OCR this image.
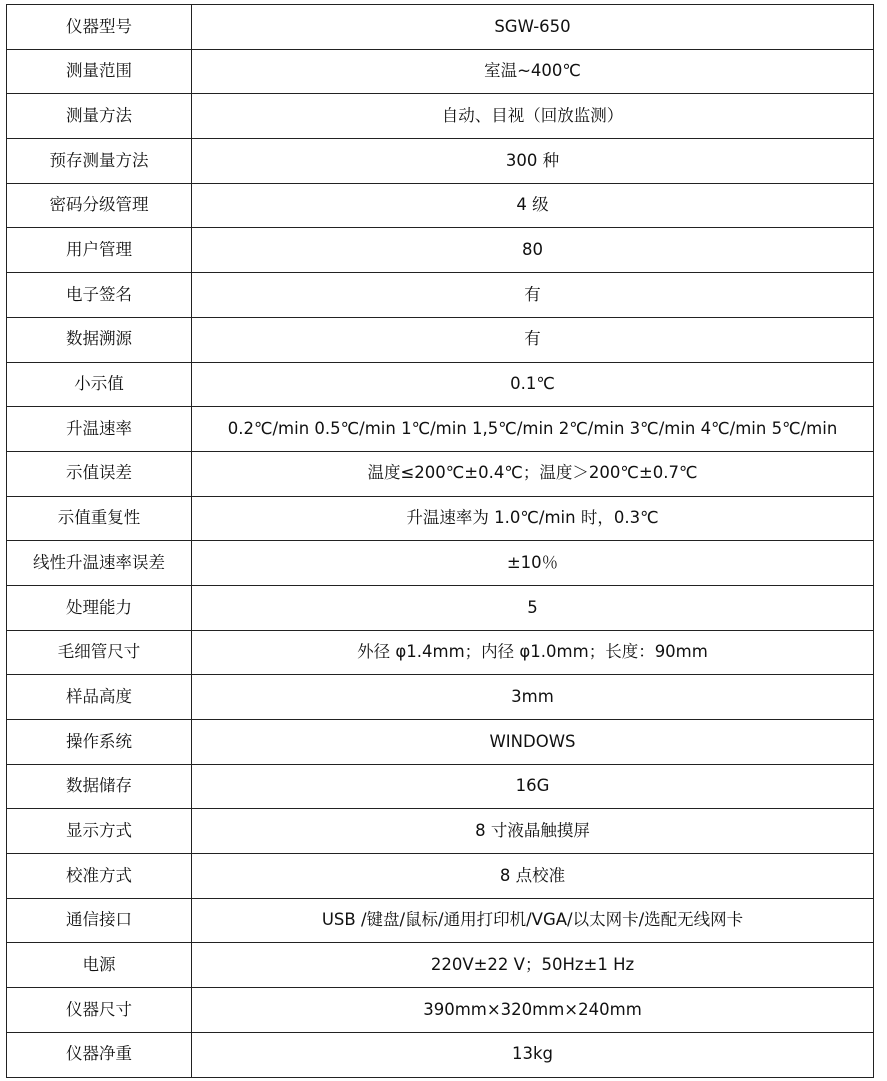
仪器型号	SGW-650
测量范围	室温~400℃
测量方法	自动、目视（回放监测）
预存测量方法	300 种
密码分级管理	4 级
用户管理	80
电子签名	有
数据溯源	有
小示值	0.1℃
升温速率	0.2℃/min 0.5℃/min 1℃/min 1,5℃/min 2℃/min 3℃/min 4℃/min 5℃/min
示值误差	温度≤200℃±0.4℃；温度＞200℃±0.7℃
示值重复性	升温速率为 1.0℃/min 时，0.3℃
线性升温速率误差	±10％
处理能力	5
毛细管尺寸	外径 φ1.4mm；内径 φ1.0mm；长度：90mm
样品高度	3mm
操作系统	WINDOWS
数据储存	16G
显示方式	8 寸液晶触摸屏
校准方式	8 点校准
通信接口	USB /键盘/鼠标/通用打印机/VGA/以太网卡/选配无线网卡
电源	220V±22 V；50Hz±1 Hz
仪器尺寸	390mm×320mm×240mm
仪器净重	13kg
